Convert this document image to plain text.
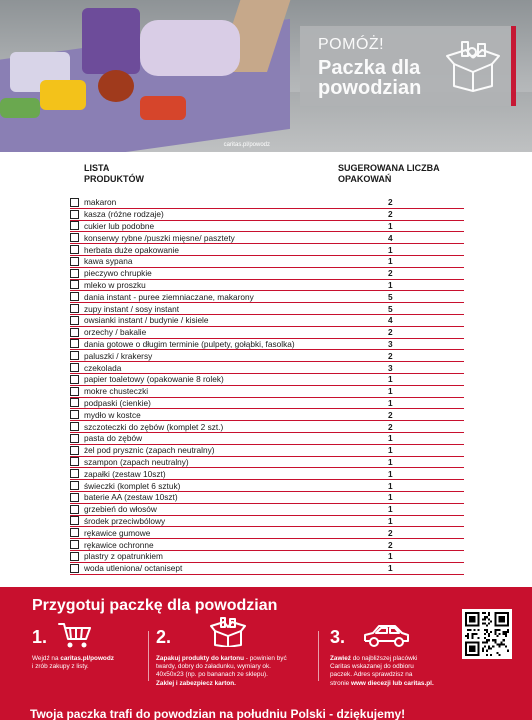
caritas.pl/powodz
POMÓŻ!
Paczka dla powodzian
LISTA
PRODUKTÓW
SUGEROWANA LICZBA
OPAKOWAŃ
makaron	2
kasza (różne rodzaje)	2
cukier lub podobne	1
konserwy rybne /puszki mięsne/ pasztety	4
herbata duże opakowanie	1
kawa sypana	1
pieczywo chrupkie	2
mleko w proszku	1
dania instant - puree ziemniaczane, makarony	5
zupy instant / sosy instant	5
owsianki instant / budynie / kisiele	4
orzechy / bakalie	2
dania gotowe o długim terminie (pulpety, gołąbki, fasolka)	3
paluszki / krakersy	2
czekolada	3
papier toaletowy (opakowanie 8 rolek)	1
mokre chusteczki	1
podpaski (cienkie)	1
mydło w kostce	2
szczoteczki do zębów (komplet 2 szt.)	2
pasta do zębów	1
żel pod prysznic (zapach neutralny)	1
szampon (zapach neutralny)	1
zapałki (zestaw 10szt)	1
świeczki (komplet 6 sztuk)	1
baterie AA (zestaw 10szt)	1
grzebień do włosów	1
środek przeciwbólowy	1
rękawice gumowe	2
rękawice ochronne	2
plastry z opatrunkiem	1
woda utleniona/ octanisept	1
Przygotuj paczkę dla powodzian
1.
Wejdź na caritas.pl/powodz
i zrób zakupy z listy.
2.
Zapakuj produkty do kartonu - powinien być
twardy, dobry do załadunku, wymiary ok.
40x50x23 (np. po bananach ze sklepu).
Zaklej i zabezpiecz karton.
3.
Zawieź do najbliższej placówki
Caritas wskazanej do odbioru
paczek. Adres sprawdzisz na
stronie www diecezji lub caritas.pl.
Twoja paczka trafi do powodzian na południu Polski - dziękujemy!
